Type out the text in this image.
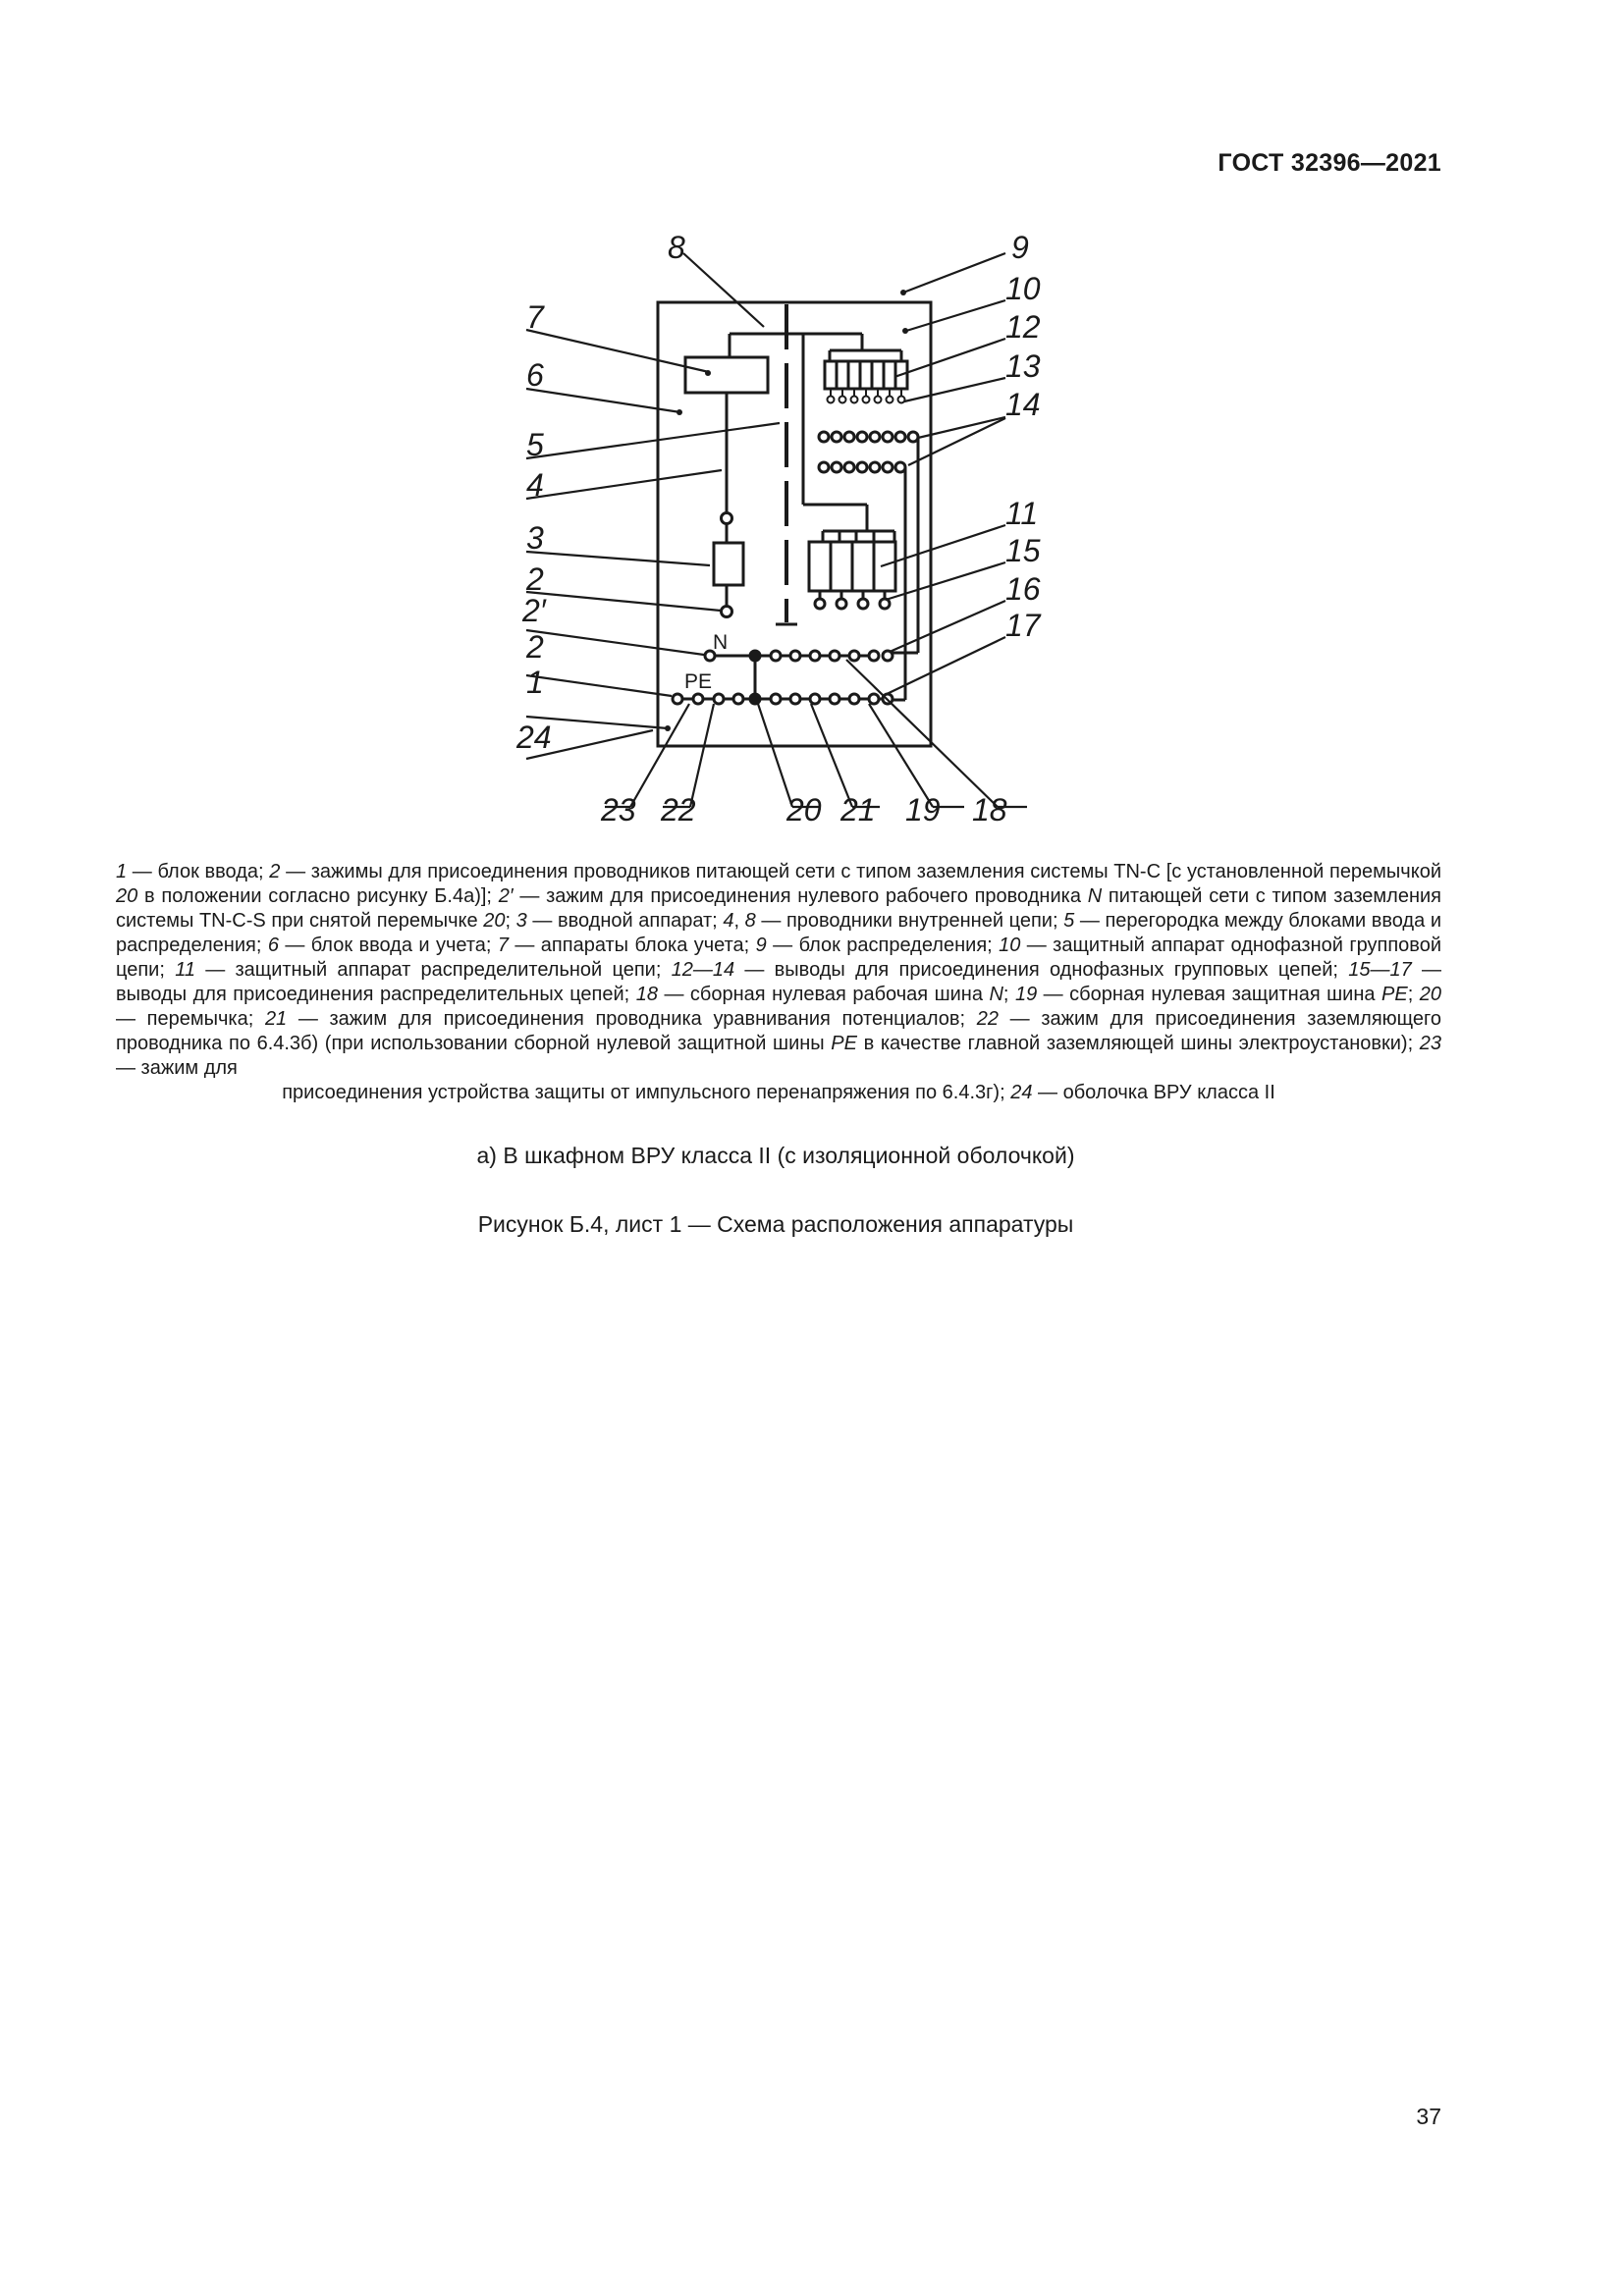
ГОСТ 32396—2021
8	9
10
12
13
14
11
15
16
17
7
6
5
4
3
2
2′
2
1
24
23 22	20 21 19 18
N
PE
1 — блок ввода; 2 — зажимы для присоединения проводников питающей сети с типом заземления системы TN-C [с установленной перемычкой 20 в положении согласно рисунку Б.4а)]; 2′ — зажим для присоединения нулевого рабочего проводника N питающей сети с типом заземления системы TN-C-S при снятой перемычке 20; 3 — вводной аппарат; 4, 8 — проводники внутренней цепи; 5 — перегородка между блоками ввода и распределения; 6 — блок ввода и учета; 7 — аппараты блока учета; 9 — блок распределения; 10 — защитный аппарат однофазной групповой цепи; 11 — защитный аппарат распределительной цепи; 12—14 — выводы для присоединения однофазных групповых цепей; 15—17 — выводы для присоединения распределительных цепей; 18 — сборная нулевая рабочая шина N; 19 — сборная нулевая защитная шина PE; 20 — перемычка; 21 — зажим для присоединения проводника уравнивания потенциалов; 22 — зажим для присоединения заземляющего проводника по 6.4.3б) (при использовании сборной нулевой защитной шины PE в качестве главной заземляющей шины электроустановки); 23 — зажим для
присоединения устройства защиты от импульсного перенапряжения по 6.4.3г); 24 — оболочка ВРУ класса II
а) В шкафном ВРУ класса II (с изоляционной оболочкой)
Рисунок Б.4, лист 1 — Схема расположения аппаратуры
37
